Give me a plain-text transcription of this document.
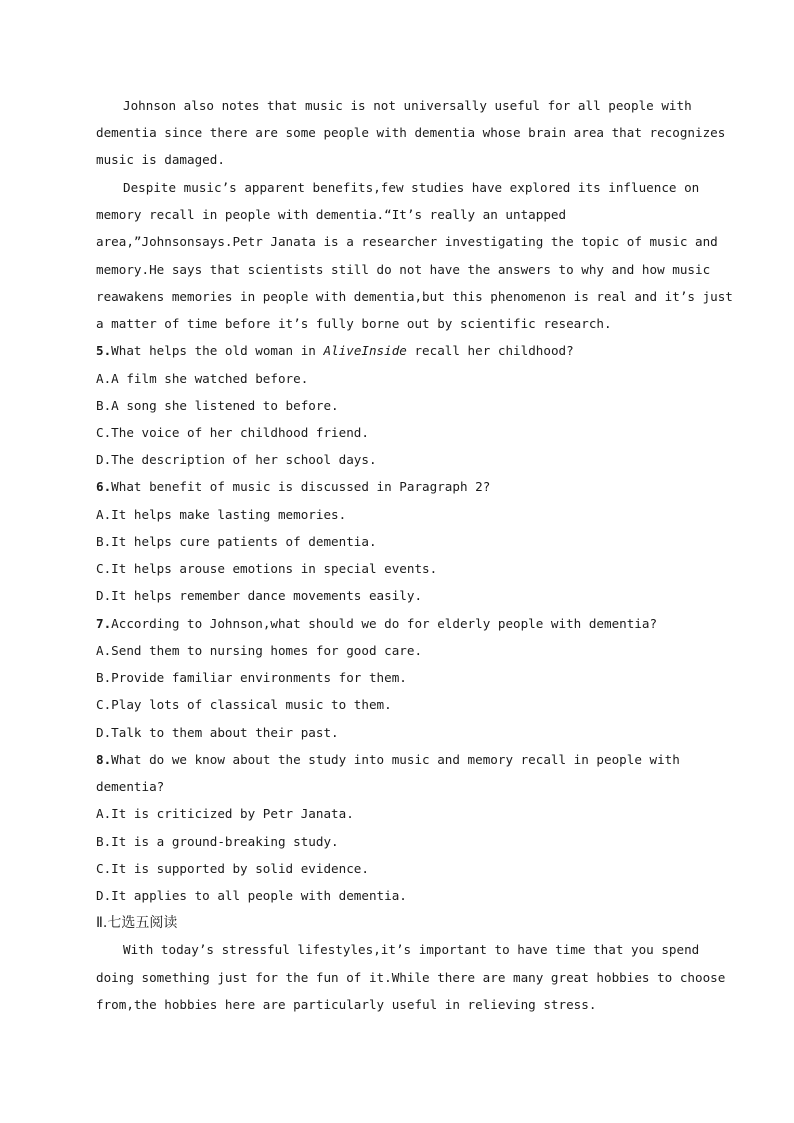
Johnson also notes that music is not universally useful for all people with
dementia since there are some people with dementia whose brain area that recognizes
music is damaged.
Despite music’s apparent benefits,few studies have explored its influence on
memory recall in people with dementia.“It’s really an untapped
area,”Johnsonsays.Petr Janata is a researcher investigating the topic of music and
memory.He says that scientists still do not have the answers to why and how music
reawakens memories in people with dementia,but this phenomenon is real and it’s just
a matter of time before it’s fully borne out by scientific research.
5.What helps the old woman in AliveInside recall her childhood?
A.A film she watched before.
B.A song she listened to before.
C.The voice of her childhood friend.
D.The description of her school days.
6.What benefit of music is discussed in Paragraph 2?
A.It helps make lasting memories.
B.It helps cure patients of dementia.
C.It helps arouse emotions in special events.
D.It helps remember dance movements easily.
7.According to Johnson,what should we do for elderly people with dementia?
A.Send them to nursing homes for good care.
B.Provide familiar environments for them.
C.Play lots of classical music to them.
D.Talk to them about their past.
8.What do we know about the study into music and memory recall in people with
dementia?
A.It is criticized by Petr Janata.
B.It is a ground-breaking study.
C.It is supported by solid evidence.
D.It applies to all people with dementia.
Ⅱ.七选五阅读
With today’s stressful lifestyles,it’s important to have time that you spend
doing something just for the fun of it.While there are many great hobbies to choose
from,the hobbies here are particularly useful in relieving stress.
